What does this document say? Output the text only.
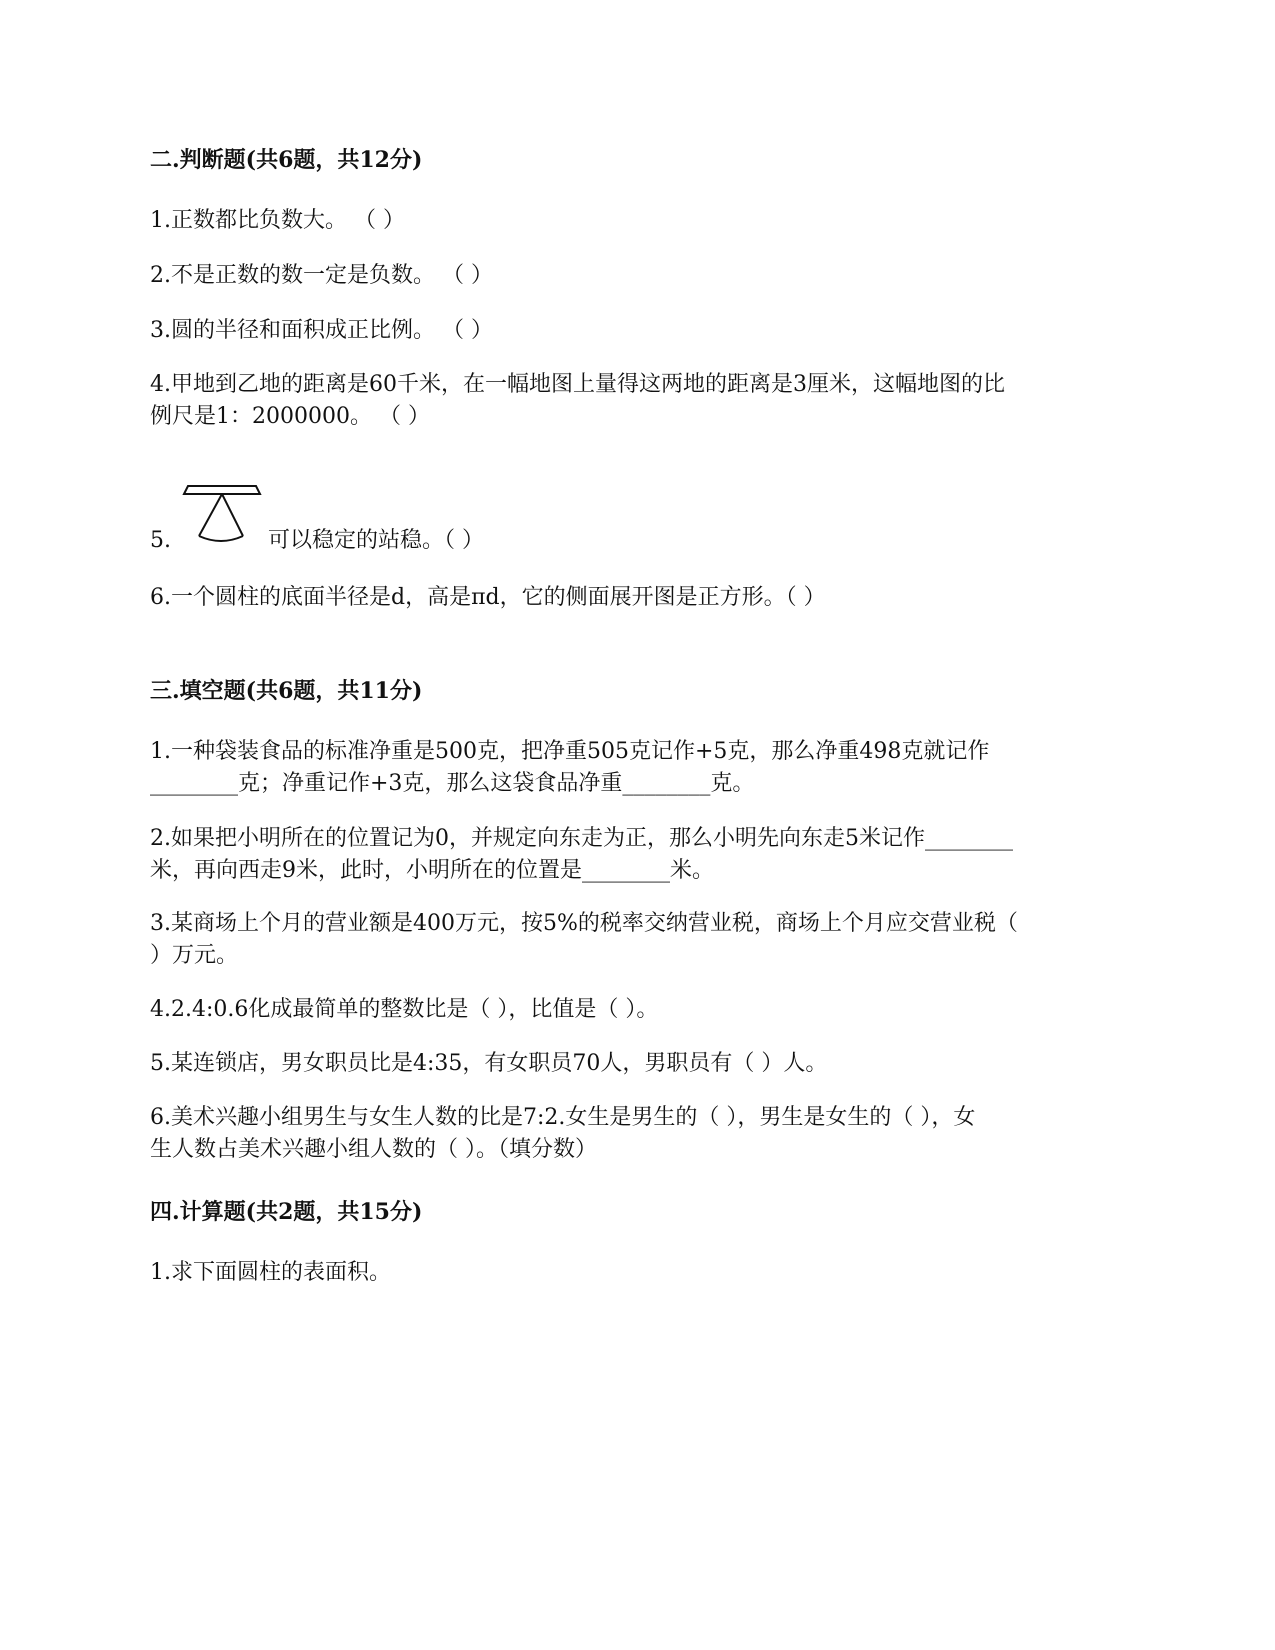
二.判断题(共6题，共12分)
1.正数都比负数大。 （ ）
2.不是正数的数一定是负数。 （ ）
3.圆的半径和面积成正比例。 （ ）
4.甲地到乙地的距离是60千米，在一幅地图上量得这两地的距离是3厘米，这幅地图的比
例尺是1：2000000。 （ ）
5.	可以稳定的站稳。（ ）
6.一个圆柱的底面半径是d，高是πd，它的侧面展开图是正方形。（ ）
三.填空题(共6题，共11分)
1.一种袋装食品的标准净重是500克，把净重505克记作+5克，那么净重498克就记作
________克；净重记作+3克，那么这袋食品净重________克。
2.如果把小明所在的位置记为0，并规定向东走为正，那么小明先向东走5米记作________
米，再向西走9米，此时，小明所在的位置是________米。
3.某商场上个月的营业额是400万元，按5%的税率交纳营业税，商场上个月应交营业税（
）万元。
4.2.4:0.6化成最简单的整数比是（ ），比值是（ ）。
5.某连锁店，男女职员比是4:35，有女职员70人，男职员有（ ）人。
6.美术兴趣小组男生与女生人数的比是7:2.女生是男生的（ ），男生是女生的（ ），女
生人数占美术兴趣小组人数的（ ）。（填分数）
四.计算题(共2题，共15分)
1.求下面圆柱的表面积。
